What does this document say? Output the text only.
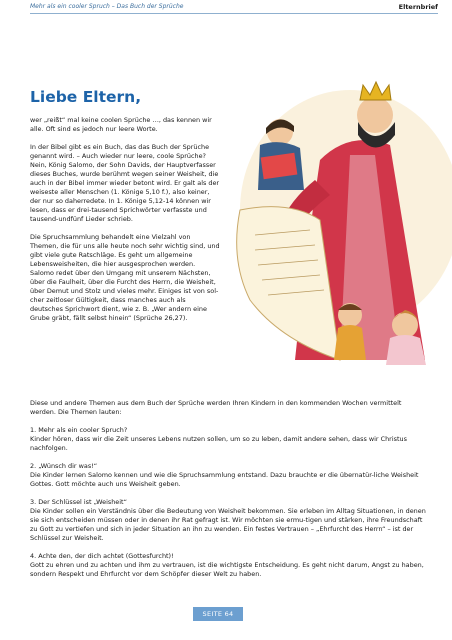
Mehr als ein cooler Spruch – Das Buch der Sprüche	Elternbrief
Liebe Eltern,

wer „reißt“ mal keine coolen Sprüche …, das kennen wir alle. Oft sind es jedoch nur leere Worte.

In der Bibel gibt es ein Buch, das das Buch der Sprüche genannt wird. – Auch wieder nur leere, coole Sprüche? Nein, König Salomo, der Sohn Davids, der Hauptverfasser dieses Buches, wurde berühmt wegen seiner Weisheit, die auch in der Bibel immer wieder betont wird. Er galt als der weiseste aller Menschen (1. Könige 5,10 f.), also keiner, der nur so daherredete. In 1. Könige 5,12-14 können wir lesen, dass er drei-tausend Sprichwörter verfasste und tausend-undfünf Lieder schrieb.

Die Spruchsammlung behandelt eine Vielzahl von Themen, die für uns alle heute noch sehr wichtig sind, und gibt viele gute Ratschläge. Es geht um allgemeine Lebensweisheiten, die hier ausgesprochen werden. Salomo redet über den Umgang mit unserem Nächsten, über die Faulheit, über die Furcht des Herrn, die Weisheit, über Demut und Stolz und vieles mehr. Einiges ist von sol-cher zeitloser Gültigkeit, dass manches auch als deutsches Sprichwort dient, wie z. B. „Wer andern eine Grube gräbt, fällt selbst hinein“ (Sprüche 26,27).

Diese und andere Themen aus dem Buch der Sprüche werden Ihren Kindern in den kommenden Wochen vermittelt werden. Die Themen lauten:

1. Mehr als ein cooler Spruch?
Kinder hören, dass wir die Zeit unseres Lebens nutzen sollen, um so zu leben, damit andere sehen, dass wir Christus nachfolgen.

2. „Wünsch dir was!“
Die Kinder lernen Salomo kennen und wie die Spruchsammlung entstand. Dazu brauchte er die übernatür-liche Weisheit Gottes. Gott möchte auch uns Weisheit geben.

3. Der Schlüssel ist „Weisheit“
Die Kinder sollen ein Verständnis über die Bedeutung von Weisheit bekommen. Sie erleben im Alltag Situationen, in denen sie sich entscheiden müssen oder in denen ihr Rat gefragt ist. Wir möchten sie ermu-tigen und stärken, ihre Freundschaft zu Gott zu vertiefen und sich in jeder Situation an ihn zu wenden. Ein festes Vertrauen – „Ehrfurcht des Herrn“ – ist der Schlüssel zur Weisheit.

4. Achte den, der dich achtet (Gottesfurcht)!
Gott zu ehren und zu achten und ihm zu vertrauen, ist die wichtigste Entscheidung. Es geht nicht darum, Angst zu haben, sondern Respekt und Ehrfurcht vor dem Schöpfer dieser Welt zu haben.

SEITE 64
